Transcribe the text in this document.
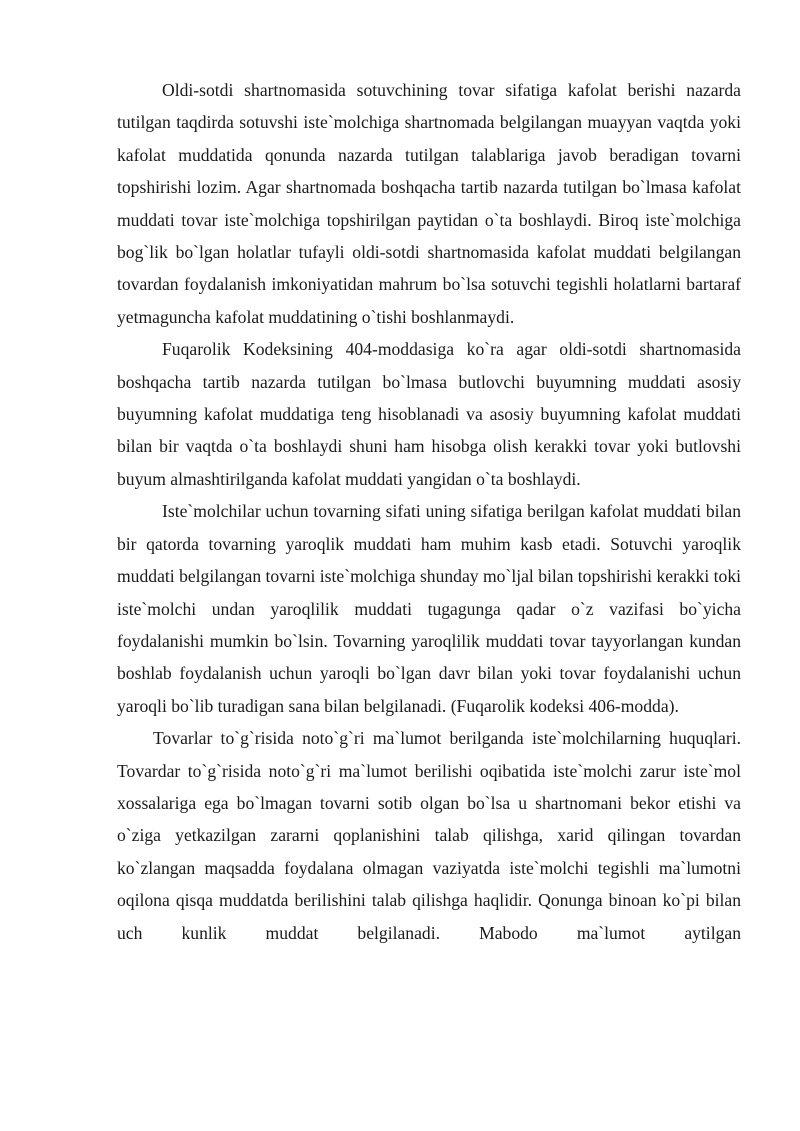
Oldi-sotdi shartnomasida sotuvchining tovar sifatiga kafolat berishi nazarda tutilgan taqdirda sotuvshi iste`molchiga shartnomada belgilangan muayyan vaqtda yoki kafolat muddatida qonunda nazarda tutilgan talablariga javob beradigan tovarni topshirishi lozim. Agar shartnomada boshqacha tartib nazarda tutilgan bo`lmasa kafolat muddati tovar iste`molchiga topshirilgan paytidan o`ta boshlaydi. Biroq iste`molchiga bog`lik bo`lgan holatlar tufayli oldi-sotdi shartnomasida kafolat muddati belgilangan tovardan foydalanish imkoniyatidan mahrum bo`lsa sotuvchi tegishli holatlarni bartaraf yetmaguncha kafolat muddatining o`tishi boshlanmaydi.

Fuqarolik Kodeksining 404-moddasiga ko`ra agar oldi-sotdi shartnomasida boshqacha tartib nazarda tutilgan bo`lmasa butlovchi buyumning muddati asosiy buyumning kafolat muddatiga teng hisoblanadi va asosiy buyumning kafolat muddati bilan bir vaqtda o`ta boshlaydi shuni ham hisobga olish kerakki tovar yoki butlovshi buyum almashtirilganda kafolat muddati yangidan o`ta boshlaydi.

Iste`molchilar uchun tovarning sifati uning sifatiga berilgan kafolat muddati bilan bir qatorda tovarning yaroqlik muddati ham muhim kasb etadi. Sotuvchi yaroqlik muddati belgilangan tovarni iste`molchiga shunday mo`ljal bilan topshirishi kerakki toki iste`molchi undan yaroqlilik muddati tugagunga qadar o`z vazifasi bo`yicha foydalanishi mumkin bo`lsin. Tovarning yaroqlilik muddati tovar tayyorlangan kundan boshlab foydalanish uchun yaroqli bo`lgan davr bilan yoki tovar foydalanishi uchun yaroqli bo`lib turadigan sana bilan belgilanadi. (Fuqarolik kodeksi 406-modda).

Tovarlar to`g`risida noto`g`ri ma`lumot berilganda iste`molchilarning huquqlari. Tovardar to`g`risida noto`g`ri ma`lumot berilishi oqibatida iste`molchi zarur iste`mol xossalariga ega bo`lmagan tovarni sotib olgan bo`lsa u shartnomani bekor etishi va o`ziga yetkazilgan zararni qoplanishini talab qilishga, xarid qilingan tovardan ko`zlangan maqsadda foydalana olmagan vaziyatda iste`molchi tegishli ma`lumotni oqilona qisqa muddatda berilishini talab qilishga haqlidir. Qonunga binoan ko`pi bilan uch kunlik muddat belgilanadi. Mabodo ma`lumot aytilgan
